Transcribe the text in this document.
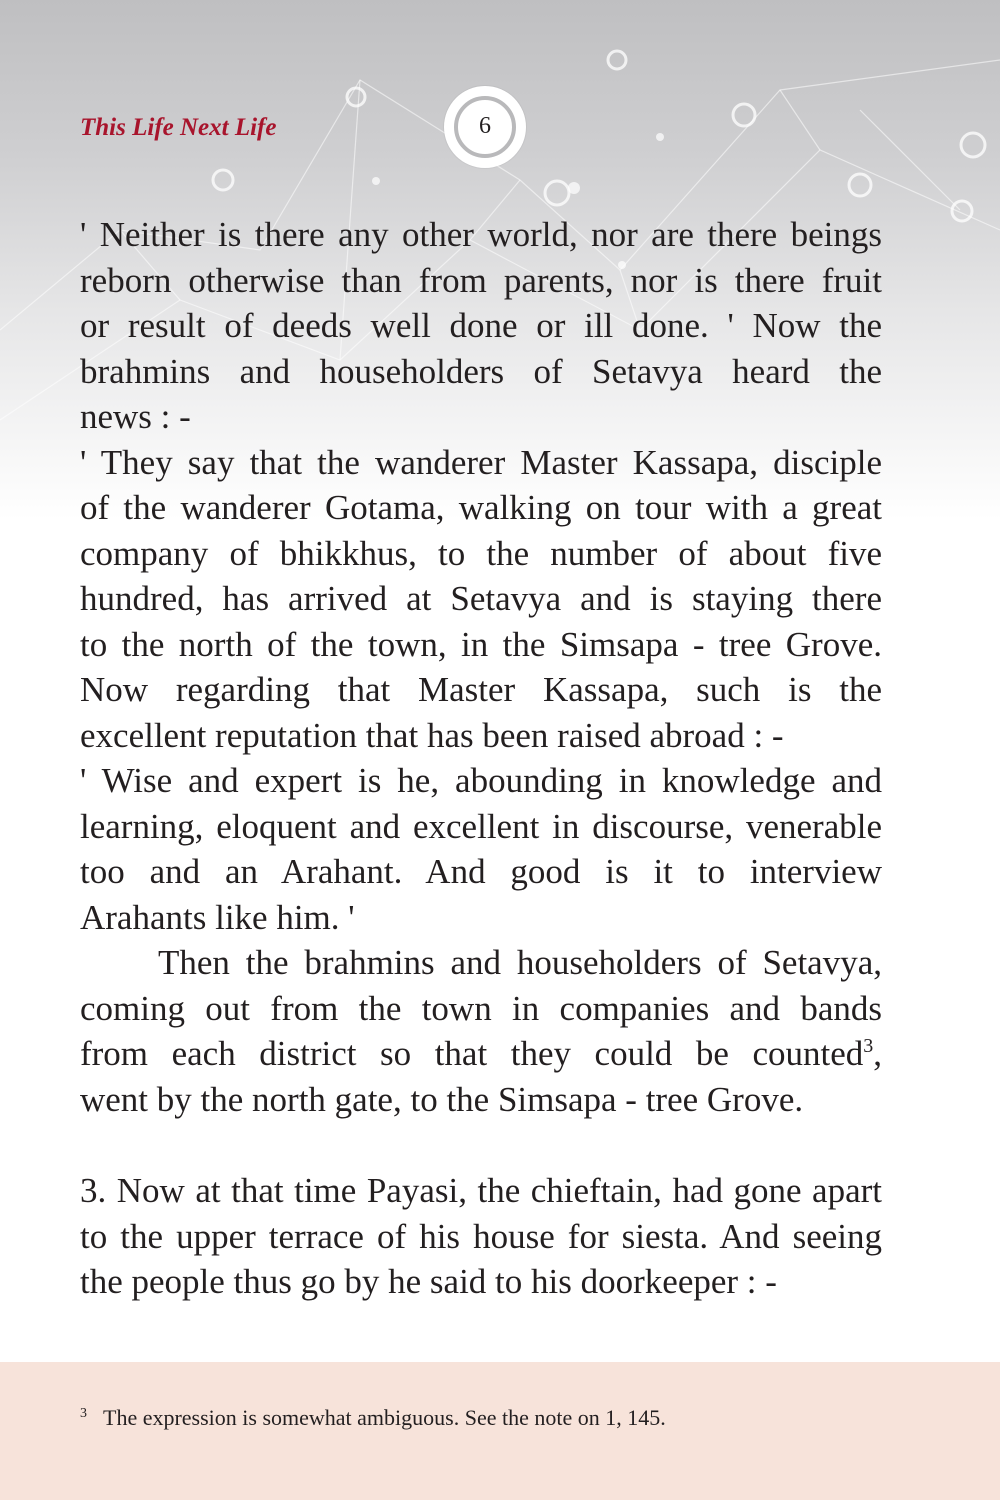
This Life Next Life	6
' Neither is there any other world, nor are there beings
reborn otherwise than from parents, nor is there fruit
or result of deeds well done or ill done. ' Now the
brahmins and householders of Setavya heard the
news : -
' They say that the wanderer Master Kassapa, disciple
of the wanderer Gotama, walking on tour with a great
company of bhikkhus, to the number of about five
hundred, has arrived at Setavya and is staying there
to the north of the town, in the Simsapa - tree Grove.
Now regarding that Master Kassapa, such is the
excellent reputation that has been raised abroad : -
' Wise and expert is he, abounding in knowledge and
learning, eloquent and excellent in discourse, venerable
too and an Arahant. And good is it to interview
Arahants like him. '
Then the brahmins and householders of Setavya,
coming out from the town in companies and bands
from each district so that they could be counted$^3$,
went by the north gate, to the Simsapa - tree Grove.
3. Now at that time Payasi, the chieftain, had gone apart
to the upper terrace of his house for siesta. And seeing
the people thus go by he said to his doorkeeper : -
$^3$ The expression is somewhat ambiguous. See the note on 1, 145.
